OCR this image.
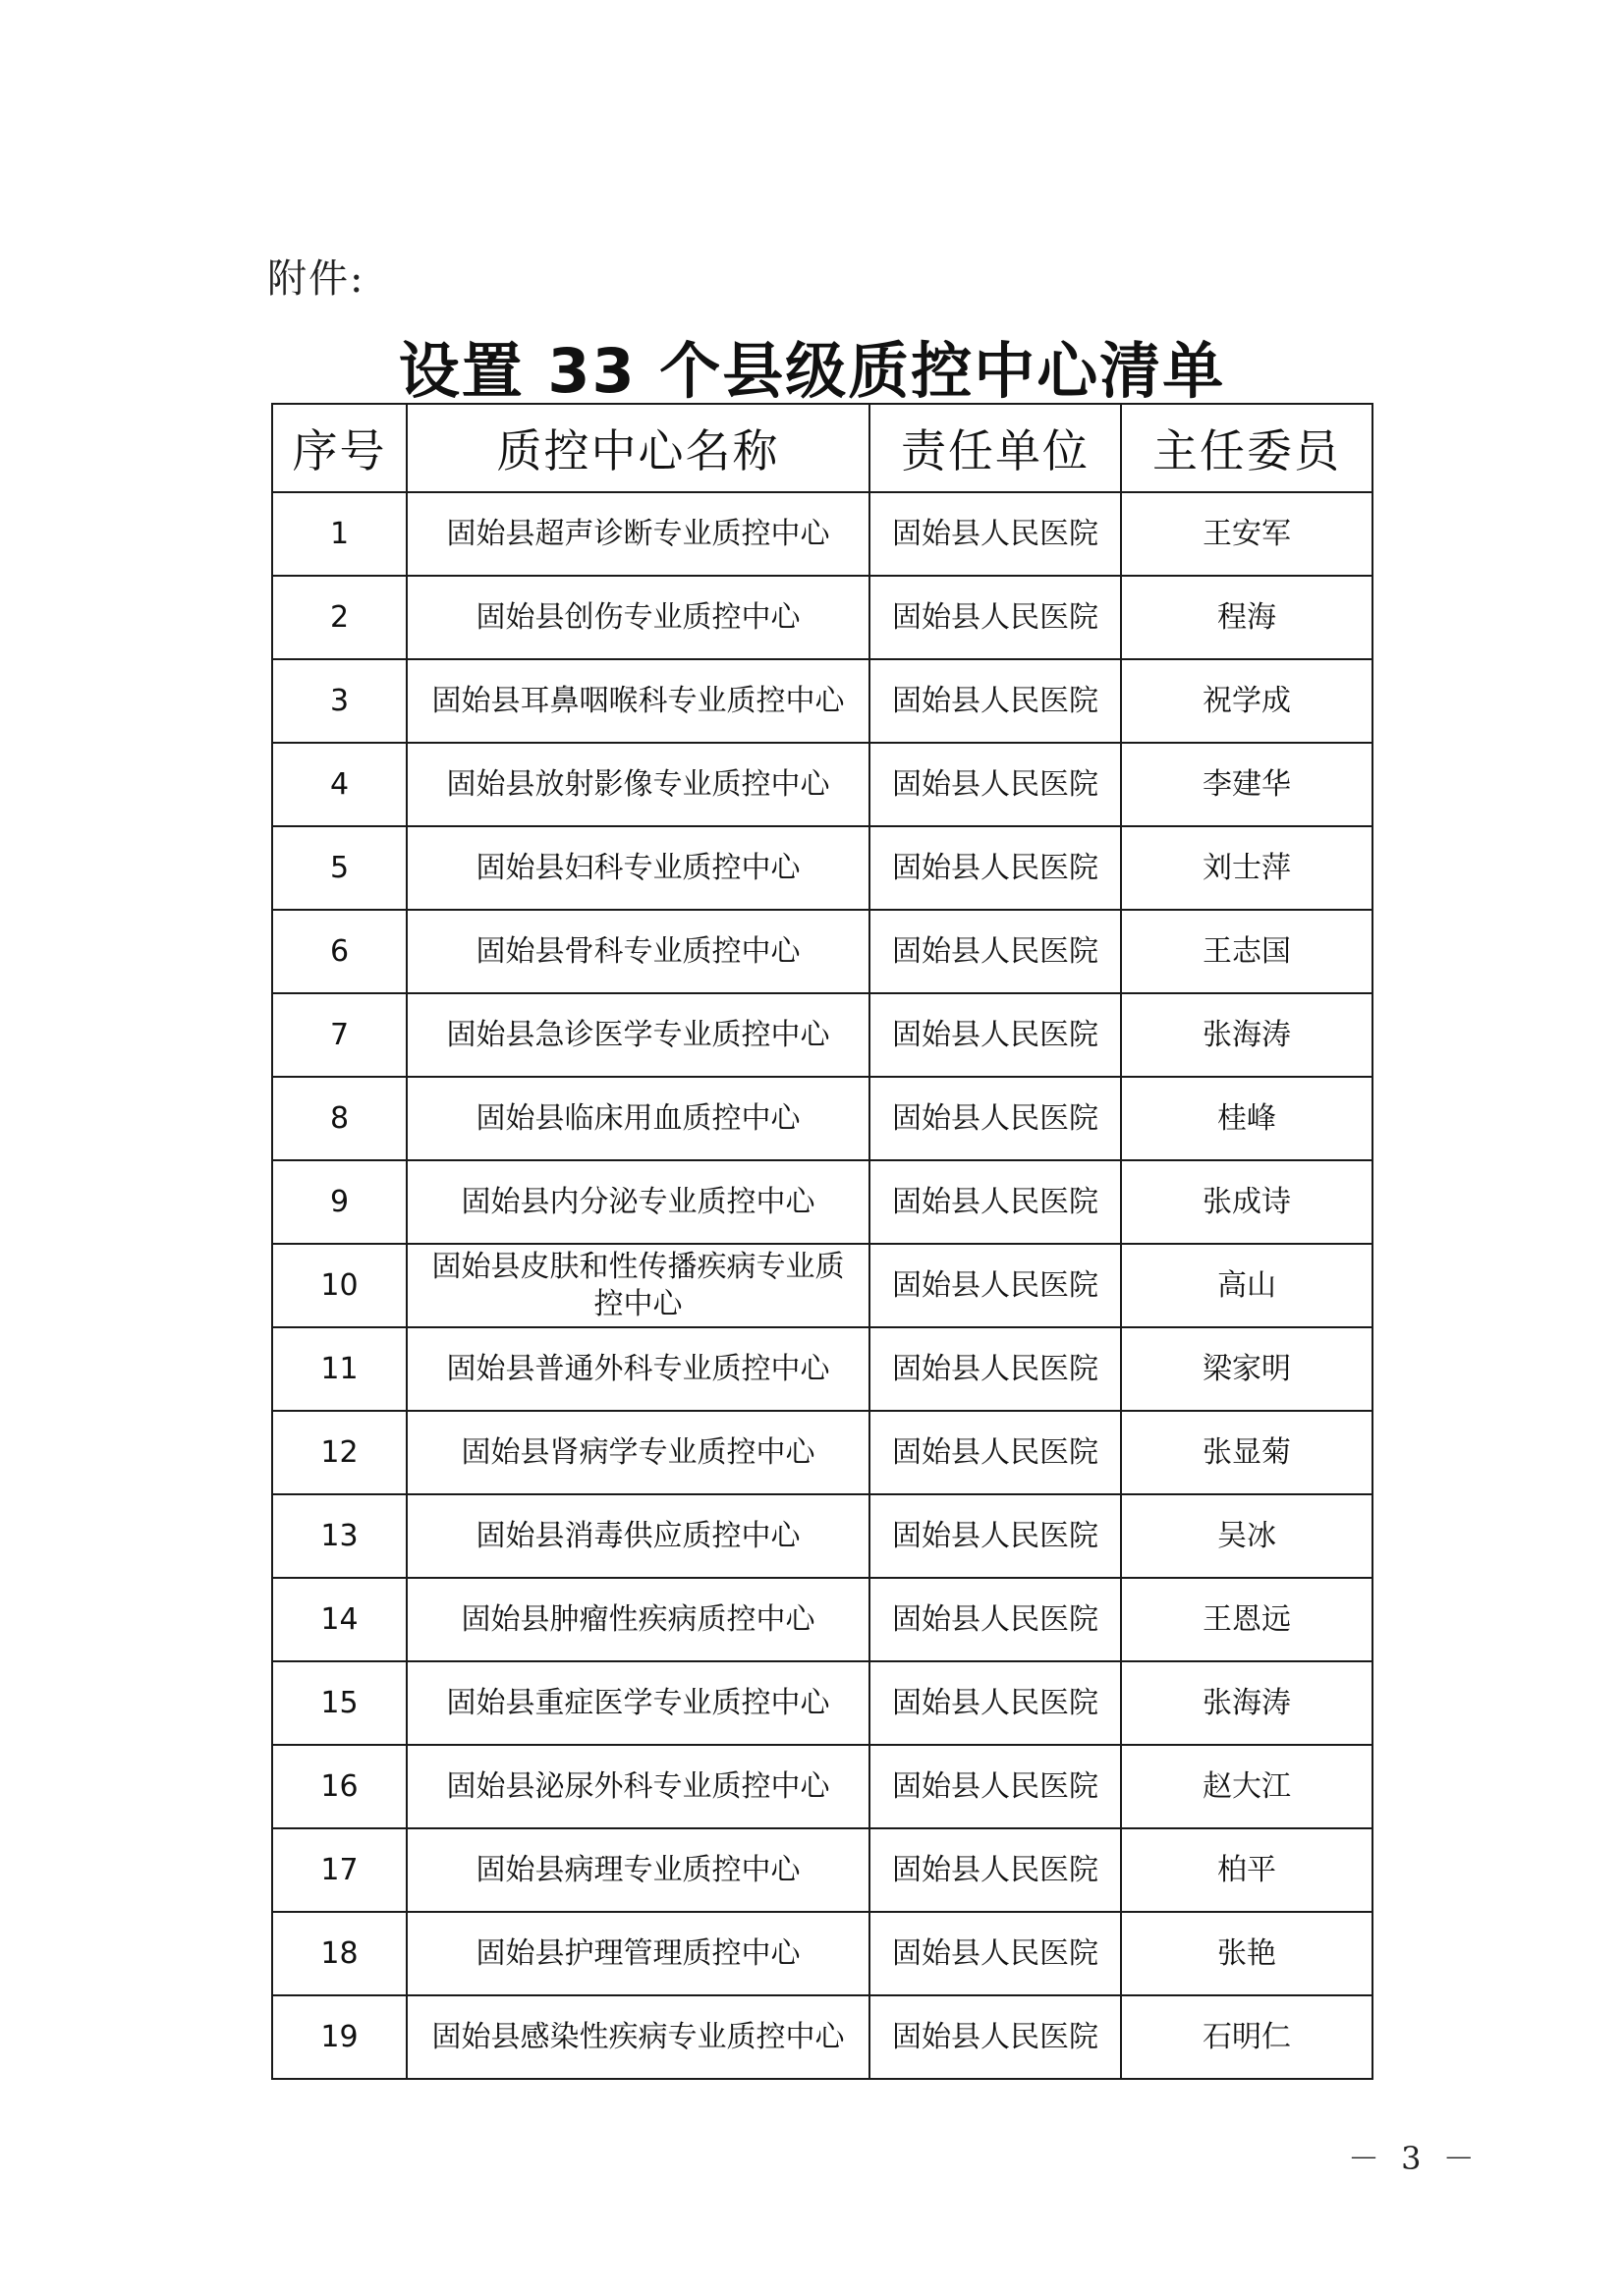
附件:
设置 33 个县级质控中心清单
序号	质控中心名称	责任单位	主任委员
1	固始县超声诊断专业质控中心	固始县人民医院	王安军
2	固始县创伤专业质控中心	固始县人民医院	程海
3	固始县耳鼻咽喉科专业质控中心	固始县人民医院	祝学成
4	固始县放射影像专业质控中心	固始县人民医院	李建华
5	固始县妇科专业质控中心	固始县人民医院	刘士萍
6	固始县骨科专业质控中心	固始县人民医院	王志国
7	固始县急诊医学专业质控中心	固始县人民医院	张海涛
8	固始县临床用血质控中心	固始县人民医院	桂峰
9	固始县内分泌专业质控中心	固始县人民医院	张成诗
10	固始县皮肤和性传播疾病专业质控中心	固始县人民医院	高山
11	固始县普通外科专业质控中心	固始县人民医院	梁家明
12	固始县肾病学专业质控中心	固始县人民医院	张显菊
13	固始县消毒供应质控中心	固始县人民医院	吴冰
14	固始县肿瘤性疾病质控中心	固始县人民医院	王恩远
15	固始县重症医学专业质控中心	固始县人民医院	张海涛
16	固始县泌尿外科专业质控中心	固始县人民医院	赵大江
17	固始县病理专业质控中心	固始县人民医院	柏平
18	固始县护理管理质控中心	固始县人民医院	张艳
19	固始县感染性疾病专业质控中心	固始县人民医院	石明仁
－ 3 －
